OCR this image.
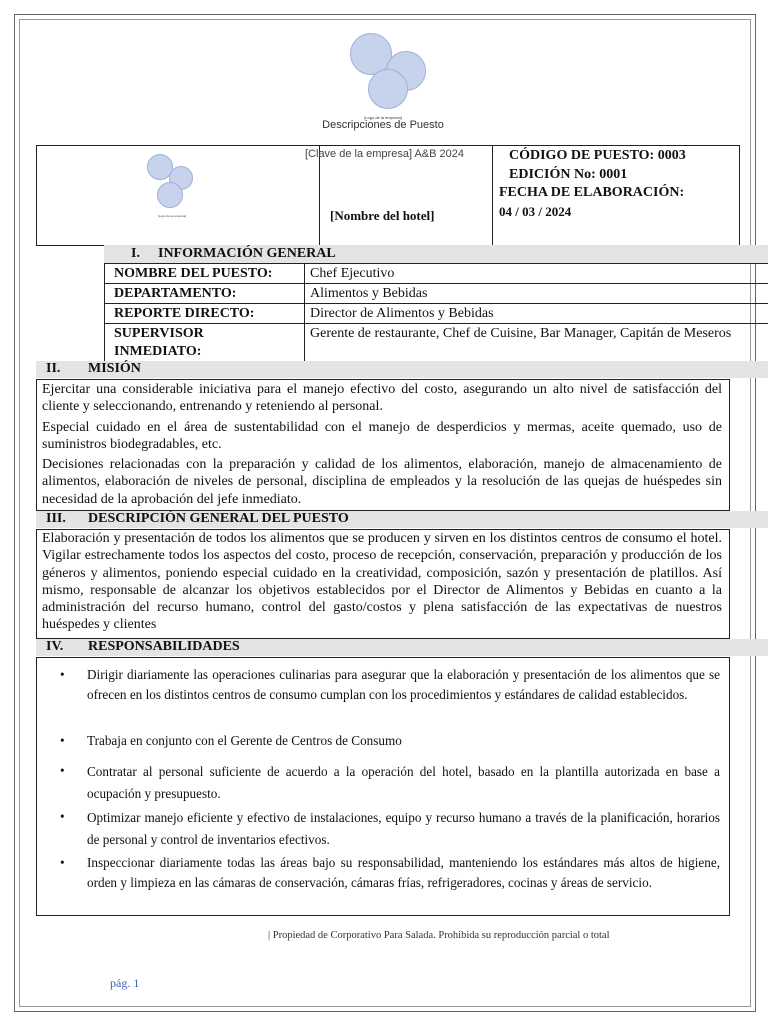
[Logo de la empresa]
Descripciones de Puesto
[Logo de la empresa]
[Clave de la empresa] A&B 2024
[Nombre del hotel]
CÓDIGO DE PUESTO: 0003
EDICIÓN No: 0001
FECHA DE ELABORACIÓN:
04 / 03 / 2024
I. INFORMACIÓN GENERAL
NOMBRE DEL PUESTO:	Chef Ejecutivo
DEPARTAMENTO:	Alimentos y Bebidas
REPORTE DIRECTO:	Director de Alimentos y Bebidas
SUPERVISOR INMEDIATO:
Gerente de restaurante, Chef de Cuisine, Bar Manager, Capitán de Meseros
II. MISIÓN
Ejercitar una considerable iniciativa para el manejo efectivo del costo, asegurando un alto nivel de satisfacción del cliente y seleccionando, entrenando y reteniendo al personal.
Especial cuidado en el área de sustentabilidad con el manejo de desperdicios y mermas, aceite quemado, uso de suministros biodegradables, etc.
Decisiones relacionadas con la preparación y calidad de los alimentos, elaboración, manejo de almacenamiento de alimentos, elaboración de niveles de personal, disciplina de empleados y la resolución de las quejas de huéspedes sin necesidad de la aprobación del jefe inmediato.
III. DESCRIPCIÓN GENERAL DEL PUESTO
Elaboración y presentación de todos los alimentos que se producen y sirven en los distintos centros de consumo el hotel. Vigilar estrechamente todos los aspectos del costo, proceso de recepción, conservación, preparación y producción de los géneros y alimentos, poniendo especial cuidado en la creatividad, composición, sazón y presentación de platillos. Así mismo, responsable de alcanzar los objetivos establecidos por el Director de Alimentos y Bebidas en cuanto a la administración del recurso humano, control del gasto/costos y plena satisfacción de las expectativas de nuestros huéspedes y clientes
IV. RESPONSABILIDADES
•	Dirigir diariamente las operaciones culinarias para asegurar que la elaboración y presentación de los alimentos que se ofrecen en los distintos centros de consumo cumplan con los procedimientos y estándares de calidad establecidos.
•	Trabaja en conjunto con el Gerente de Centros de Consumo
•	Contratar al personal suficiente de acuerdo a la operación del hotel, basado en la plantilla autorizada en base a ocupación y presupuesto.
•	Optimizar manejo eficiente y efectivo de instalaciones, equipo y recurso humano a través de la planificación, horarios de personal y control de inventarios efectivos.
•	Inspeccionar diariamente todas las áreas bajo su responsabilidad, manteniendo los estándares más altos de higiene, orden y limpieza en las cámaras de conservación, cámaras frías, refrigeradores, cocinas y áreas de servicio.
| Propiedad de Corporativo Para Salada. Prohibida su reproducción parcial o total
pág. 1
